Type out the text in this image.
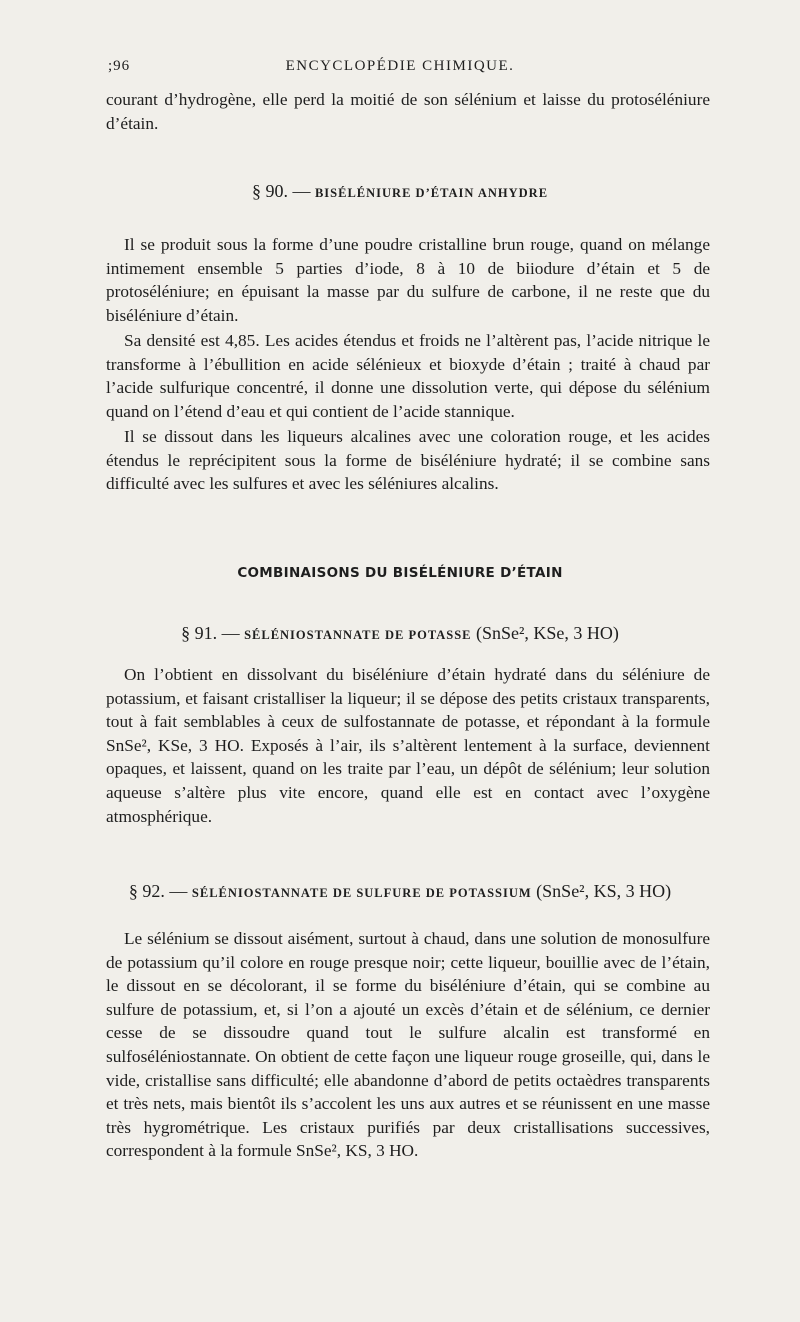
;96	ENCYCLOPÉDIE CHIMIQUE.

courant d’hydrogène, elle perd la moitié de son sélénium et laisse du protoséléniure d’étain.

§ 90. — BISÉLÉNIURE D’ÉTAIN ANHYDRE

Il se produit sous la forme d’une poudre cristalline brun rouge, quand on mélange intimement ensemble 5 parties d’iode, 8 à 10 de biiodure d’étain et 5 de protoséléniure; en épuisant la masse par du sulfure de carbone, il ne reste que du biséléniure d’étain.

Sa densité est 4,85. Les acides étendus et froids ne l’altèrent pas, l’acide nitrique le transforme à l’ébullition en acide sélénieux et bioxyde d’étain ; traité à chaud par l’acide sulfurique concentré, il donne une dissolution verte, qui dépose du sélénium quand on l’étend d’eau et qui contient de l’acide stannique.

Il se dissout dans les liqueurs alcalines avec une coloration rouge, et les acides étendus le reprécipitent sous la forme de biséléniure hydraté; il se combine sans difficulté avec les sulfures et avec les séléniures alcalins.

COMBINAISONS DU BISÉLÉNIURE D’ÉTAIN

§ 91. — SÉLÉNIOSTANNATE DE POTASSE (SnSe², KSe, 3 HO)

On l’obtient en dissolvant du biséléniure d’étain hydraté dans du séléniure de potassium, et faisant cristalliser la liqueur; il se dépose des petits cristaux transparents, tout à fait semblables à ceux de sulfostannate de potasse, et répondant à la formule SnSe², KSe, 3 HO. Exposés à l’air, ils s’altèrent lentement à la surface, deviennent opaques, et laissent, quand on les traite par l’eau, un dépôt de sélénium; leur solution aqueuse s’altère plus vite encore, quand elle est en contact avec l’oxygène atmosphérique.

§ 92. — SÉLÉNIOSTANNATE DE SULFURE DE POTASSIUM (SnSe², KS, 3 HO)

Le sélénium se dissout aisément, surtout à chaud, dans une solution de monosulfure de potassium qu’il colore en rouge presque noir; cette liqueur, bouillie avec de l’étain, le dissout en se décolorant, il se forme du biséléniure d’étain, qui se combine au sulfure de potassium, et, si l’on a ajouté un excès d’étain et de sélénium, ce dernier cesse de se dissoudre quand tout le sulfure alcalin est transformé en sulfoséléniostannate. On obtient de cette façon une liqueur rouge groseille, qui, dans le vide, cristallise sans difficulté; elle abandonne d’abord de petits octaèdres transparents et très nets, mais bientôt ils s’accolent les uns aux autres et se réunissent en une masse très hygrométrique. Les cristaux purifiés par deux cristallisations successives, correspondent à la formule SnSe², KS, 3 HO.
